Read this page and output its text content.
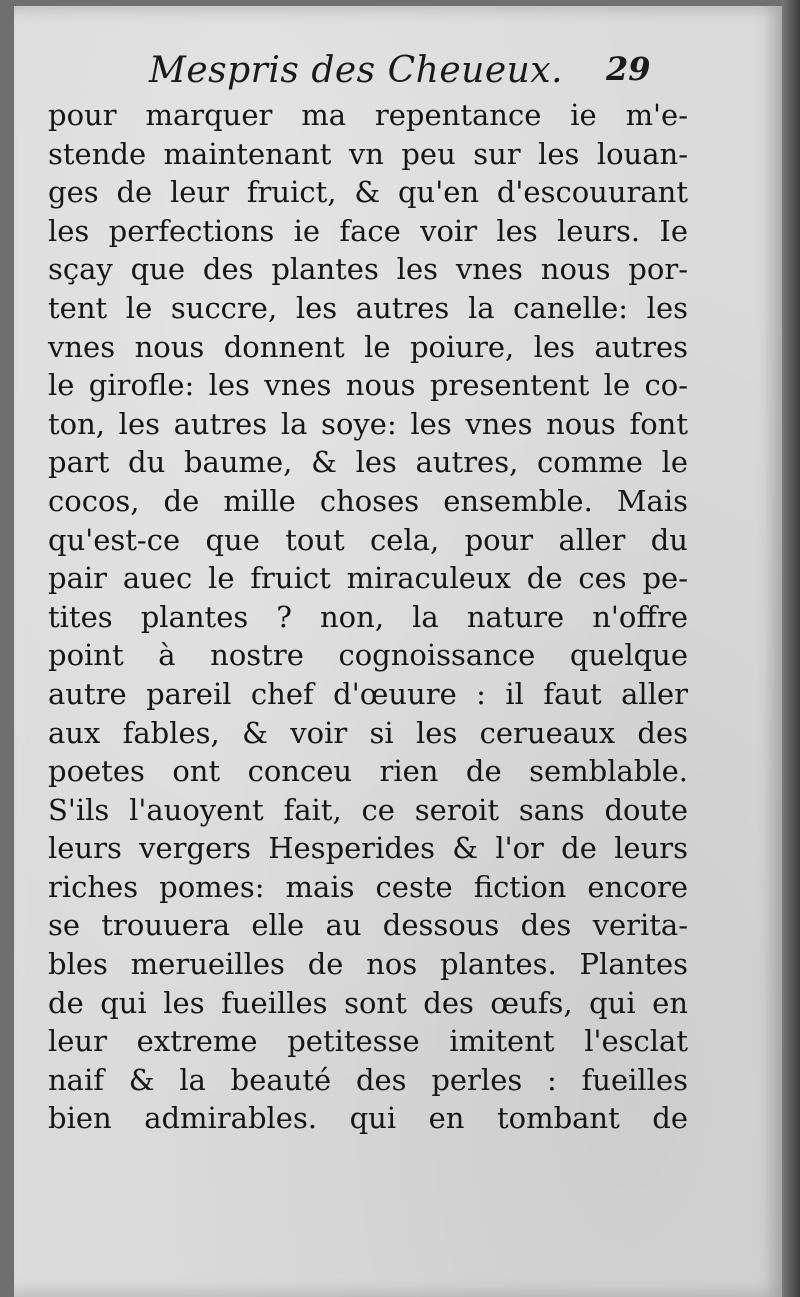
Mespris des Cheueux. 29
pour marquer ma repentance ie m'e-
stende maintenant vn peu sur les louan-
ges de leur fruict, & qu'en d'escouurant
les perfections ie face voir les leurs. Ie
sçay que des plantes les vnes nous por-
tent le succre, les autres la canelle: les
vnes nous donnent le poiure, les autres
le girofle: les vnes nous presentent le co-
ton, les autres la soye: les vnes nous font
part du baume, & les autres, comme le
cocos, de mille choses ensemble. Mais
qu'est-ce que tout cela, pour aller du
pair auec le fruict miraculeux de ces pe-
tites plantes ? non, la nature n'offre
point à nostre cognoissance quelque
autre pareil chef d'œuure : il faut aller
aux fables, & voir si les cerueaux des
poetes ont conceu rien de semblable.
S'ils l'auoyent fait, ce seroit sans doute
leurs vergers Hesperides & l'or de leurs
riches pomes: mais ceste fiction encore
se trouuera elle au dessous des verita-
bles merueilles de nos plantes. Plantes
de qui les fueilles sont des œufs, qui en
leur extreme petitesse imitent l'esclat
naif & la beauté des perles : fueilles
bien admirables. qui en tombant de
